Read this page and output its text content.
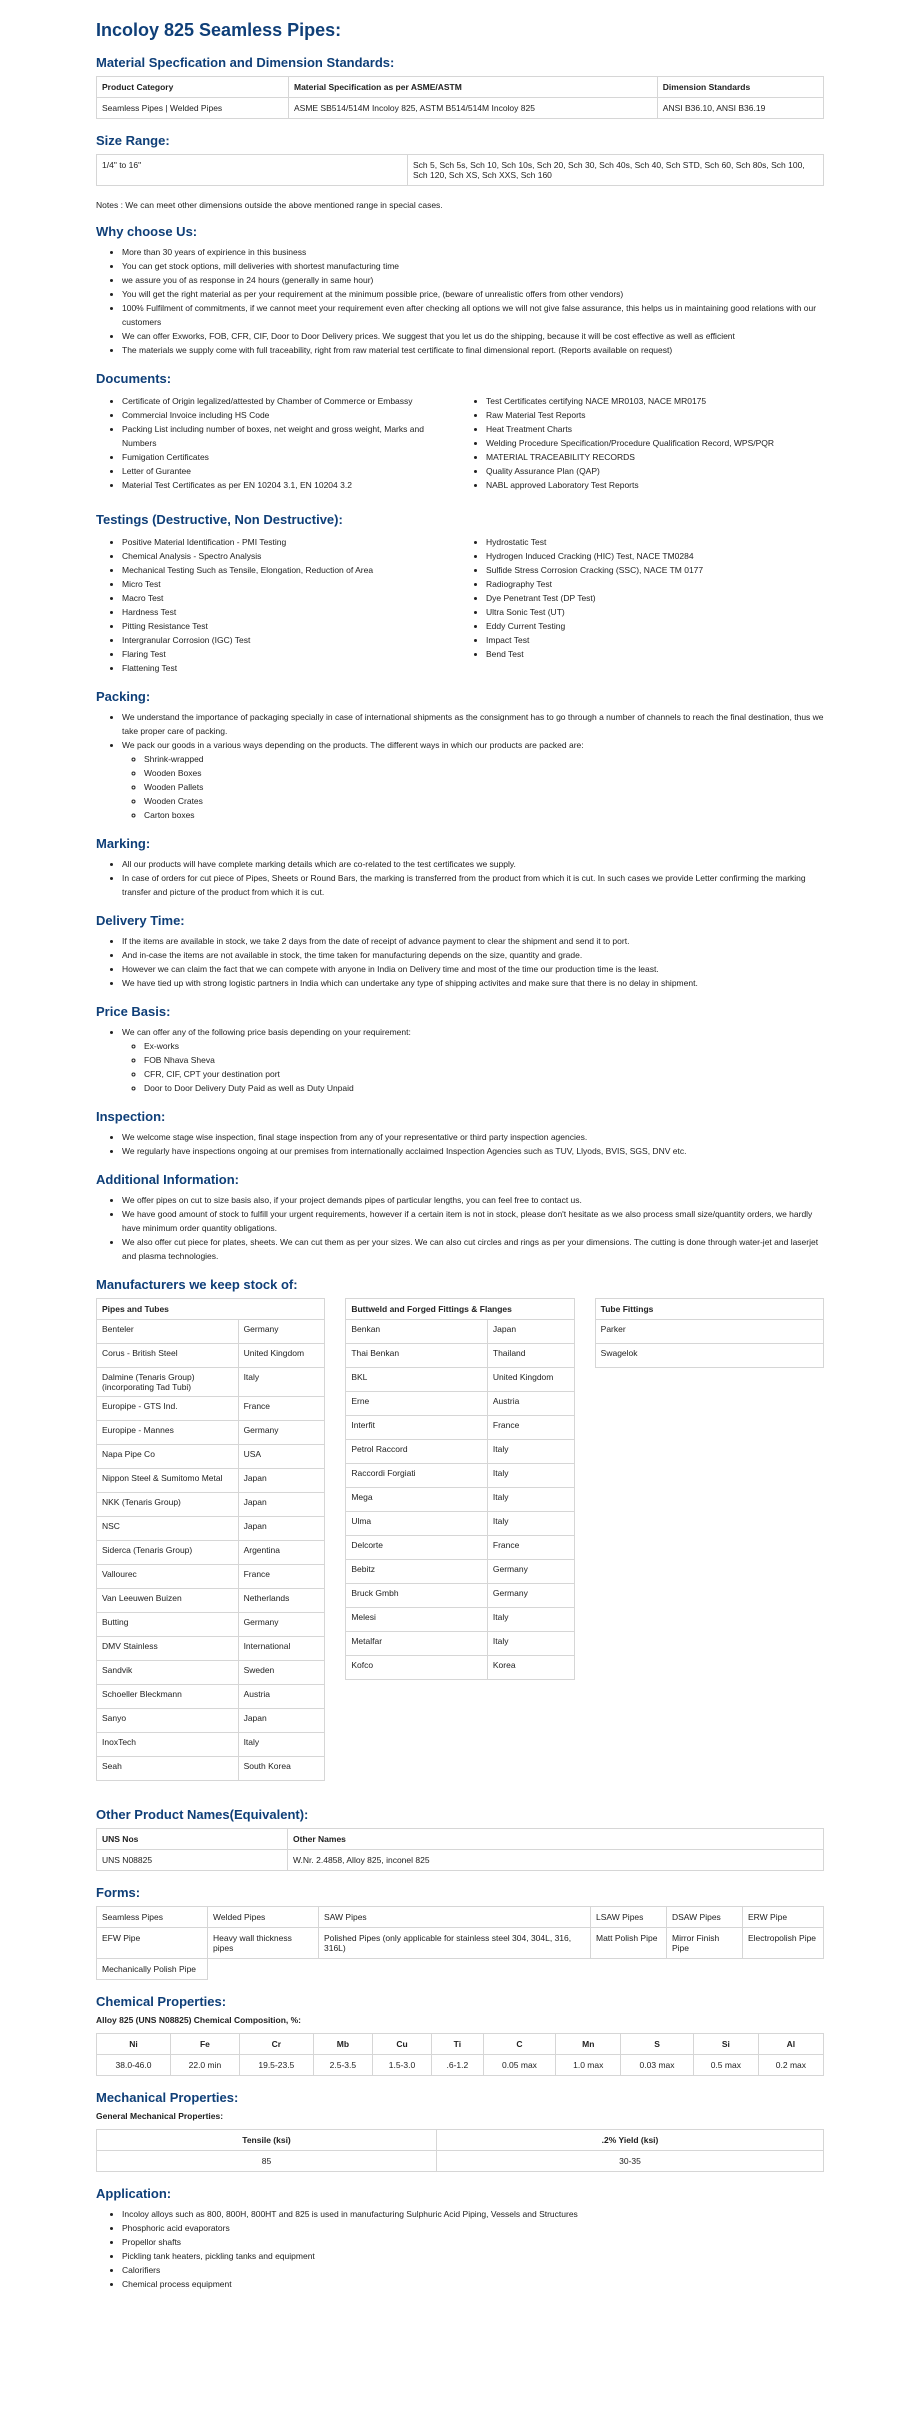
Incoloy 825 Seamless Pipes:
Material Specfication and Dimension Standards:
Product Category	Material Specification as per ASME/ASTM	Dimension Standards
Seamless Pipes | Welded Pipes	ASME SB514/514M Incoloy 825, ASTM B514/514M Incoloy 825	ANSI B36.10, ANSI B36.19
Size Range:
1/4" to 16"	Sch 5, Sch 5s, Sch 10, Sch 10s, Sch 20, Sch 30, Sch 40s, Sch 40, Sch STD, Sch 60, Sch 80s, Sch 100, Sch 120, Sch XS, Sch XXS, Sch 160
Notes : We can meet other dimensions outside the above mentioned range in special cases.
Why choose Us:
• More than 30 years of expirience in this business
• You can get stock options, mill deliveries with shortest manufacturing time
• we assure you of as response in 24 hours (generally in same hour)
• You will get the right material as per your requirement at the minimum possible price, (beware of unrealistic offers from other vendors)
• 100% Fulfilment of commitments, if we cannot meet your requirement even after checking all options we will not give false assurance, this helps us in maintaining good relations with our customers
• We can offer Exworks, FOB, CFR, CIF, Door to Door Delivery prices. We suggest that you let us do the shipping, because it will be cost effective as well as efficient
• The materials we supply come with full traceability, right from raw material test certificate to final dimensional report. (Reports available on request)
Documents:
• Certificate of Origin legalized/attested by Chamber of Commerce or Embassy
• Commercial Invoice including HS Code
• Packing List including number of boxes, net weight and gross weight, Marks and Numbers
• Fumigation Certificates
• Letter of Gurantee
• Material Test Certificates as per EN 10204 3.1, EN 10204 3.2
• Test Certificates certifying NACE MR0103, NACE MR0175
• Raw Material Test Reports
• Heat Treatment Charts
• Welding Procedure Specification/Procedure Qualification Record, WPS/PQR
• MATERIAL TRACEABILITY RECORDS
• Quality Assurance Plan (QAP)
• NABL approved Laboratory Test Reports
Testings (Destructive, Non Destructive):
• Positive Material Identification - PMI Testing
• Chemical Analysis - Spectro Analysis
• Mechanical Testing Such as Tensile, Elongation, Reduction of Area
• Micro Test
• Macro Test
• Hardness Test
• Pitting Resistance Test
• Intergranular Corrosion (IGC) Test
• Flaring Test
• Flattening Test
• Hydrostatic Test
• Hydrogen Induced Cracking (HIC) Test, NACE TM0284
• Sulfide Stress Corrosion Cracking (SSC), NACE TM 0177
• Radiography Test
• Dye Penetrant Test (DP Test)
• Ultra Sonic Test (UT)
• Eddy Current Testing
• Impact Test
• Bend Test
Packing:
• We understand the importance of packaging specially in case of international shipments as the consignment has to go through a number of channels to reach the final destination, thus we take proper care of packing.
• We pack our goods in a various ways depending on the products. The different ways in which our products are packed are:
◦ Shrink-wrapped
◦ Wooden Boxes
◦ Wooden Pallets
◦ Wooden Crates
◦ Carton boxes
Marking:
• All our products will have complete marking details which are co-related to the test certificates we supply.
• In case of orders for cut piece of Pipes, Sheets or Round Bars, the marking is transferred from the product from which it is cut. In such cases we provide Letter confirming the marking transfer and picture of the product from which it is cut.
Delivery Time:
• If the items are available in stock, we take 2 days from the date of receipt of advance payment to clear the shipment and send it to port.
• And in-case the items are not available in stock, the time taken for manufacturing depends on the size, quantity and grade.
• However we can claim the fact that we can compete with anyone in India on Delivery time and most of the time our production time is the least.
• We have tied up with strong logistic partners in India which can undertake any type of shipping activites and make sure that there is no delay in shipment.
Price Basis:
• We can offer any of the following price basis depending on your requirement:
◦ Ex-works
◦ FOB Nhava Sheva
◦ CFR, CIF, CPT your destination port
◦ Door to Door Delivery Duty Paid as well as Duty Unpaid
Inspection:
• We welcome stage wise inspection, final stage inspection from any of your representative or third party inspection agencies.
• We regularly have inspections ongoing at our premises from internationally acclaimed Inspection Agencies such as TUV, Llyods, BVIS, SGS, DNV etc.
Additional Information:
• We offer pipes on cut to size basis also, if your project demands pipes of particular lengths, you can feel free to contact us.
• We have good amount of stock to fulfill your urgent requirements, however if a certain item is not in stock, please don't hesitate as we also process small size/quantity orders, we hardly have minimum order quantity obligations.
• We also offer cut piece for plates, sheets. We can cut them as per your sizes. We can also cut circles and rings as per your dimensions. The cutting is done through water-jet and laserjet and plasma technologies.
Manufacturers we keep stock of:
Pipes and Tubes	
Benteler	Germany
Corus - British Steel	United Kingdom
Dalmine (Tenaris Group) (incorporating Tad Tubi)	Italy
Europipe - GTS Ind.	France
Europipe - Mannes	Germany
Napa Pipe Co	USA
Nippon Steel & Sumitomo Metal	Japan
NKK (Tenaris Group)	Japan
NSC	Japan
Siderca (Tenaris Group)	Argentina
Vallourec	France
Van Leeuwen Buizen	Netherlands
Butting	Germany
DMV Stainless	International
Sandvik	Sweden
Schoeller Bleckmann	Austria
Sanyo	Japan
InoxTech	Italy
Seah	South Korea
Buttweld and Forged Fittings & Flanges	
Benkan	Japan
Thai Benkan	Thailand
BKL	United Kingdom
Erne	Austria
Interfit	France
Petrol Raccord	Italy
Raccordi Forgiati	Italy
Mega	Italy
Ulma	Italy
Delcorte	France
Bebitz	Germany
Bruck Gmbh	Germany
Melesi	Italy
Metalfar	Italy
Kofco	Korea
Tube Fittings
Parker
Swagelok
Other Product Names(Equivalent):
UNS Nos	Other Names
UNS N08825	W.Nr. 2.4858, Alloy 825, inconel 825
Forms:
Seamless Pipes	Welded Pipes	SAW Pipes	LSAW Pipes	DSAW Pipes	ERW Pipe
EFW Pipe	Heavy wall thickness pipes	Polished Pipes (only applicable for stainless steel 304, 304L, 316, 316L)	Matt Polish Pipe	Mirror Finish Pipe	Electropolish Pipe
Mechanically Polish Pipe					
Chemical Properties:
Alloy 825 (UNS N08825) Chemical Composition, %:
Ni	Fe	Cr	Mb	Cu	Ti	C	Mn	S	Si	Al
38.0-46.0	22.0 min	19.5-23.5	2.5-3.5	1.5-3.0	.6-1.2	0.05 max	1.0 max	0.03 max	0.5 max	0.2 max
Mechanical Properties:
General Mechanical Properties:
Tensile (ksi)	.2% Yield (ksi)
85	30-35
Application:
• Incoloy alloys such as 800, 800H, 800HT and 825 is used in manufacturing Sulphuric Acid Piping, Vessels and Structures
• Phosphoric acid evaporators
• Propellor shafts
• Pickling tank heaters, pickling tanks and equipment
• Calorifiers
• Chemical process equipment
